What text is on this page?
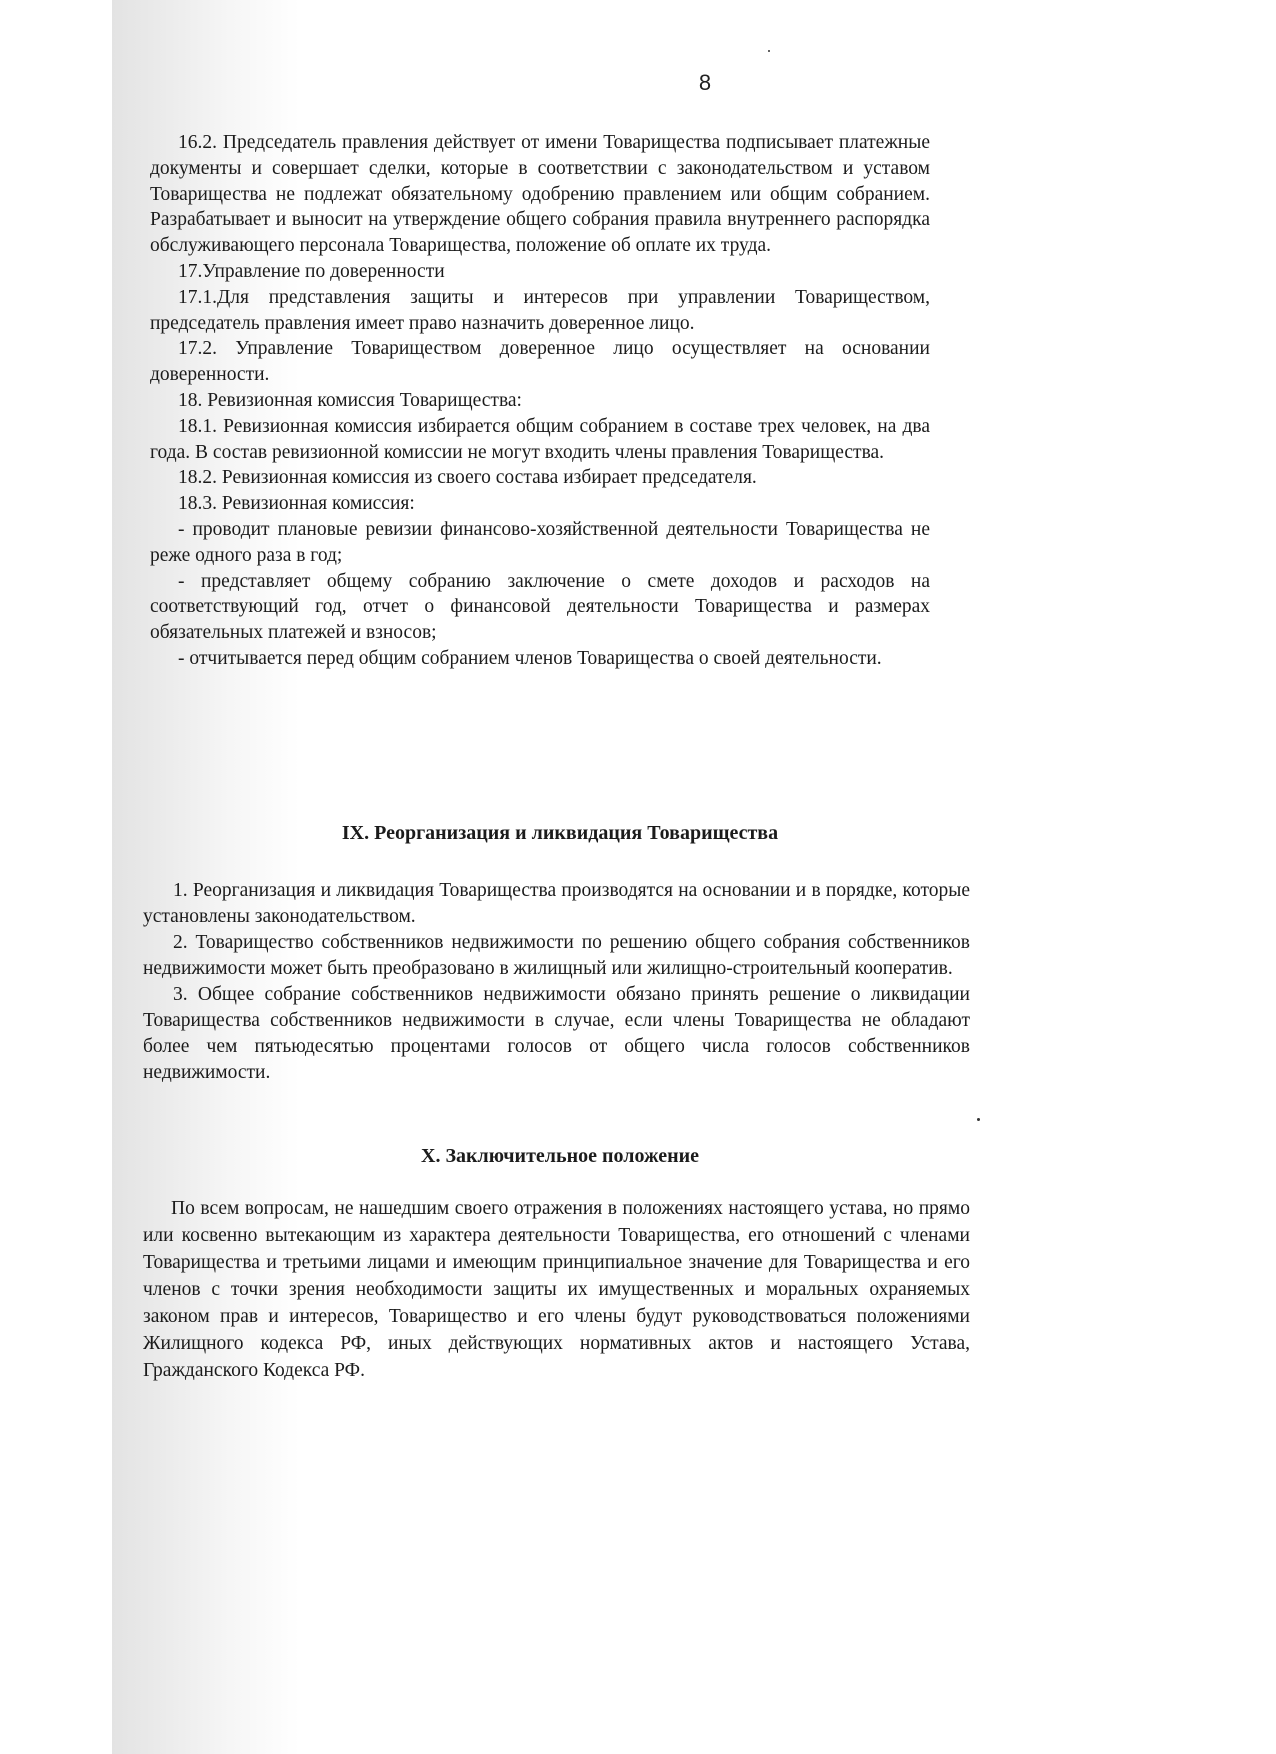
8

16.2. Председатель правления действует от имени Товарищества подписывает платежные документы и совершает сделки, которые в соответствии с законодательством и уставом Товарищества не подлежат обязательному одобрению правлением или общим собранием. Разрабатывает и выносит на утверждение общего собрания правила внутреннего распорядка обслуживающего персонала Товарищества, положение об оплате их труда.

17.Управление по доверенности

17.1.Для представления защиты и интересов при управлении Товариществом, председатель правления имеет право назначить доверенное лицо.

17.2. Управление Товариществом доверенное лицо осуществляет на основании доверенности.

18. Ревизионная комиссия Товарищества:

18.1. Ревизионная комиссия избирается общим собранием в составе трех человек, на два года. В состав ревизионной комиссии не могут входить члены правления Товарищества.

18.2. Ревизионная комиссия из своего состава избирает председателя.

18.3. Ревизионная комиссия:

- проводит плановые ревизии финансово-хозяйственной деятельности Товарищества не реже одного раза в год;

- представляет общему собранию заключение о смете доходов и расходов на соответствующий год, отчет о финансовой деятельности Товарищества и размерах обязательных платежей и взносов;

- отчитывается перед общим собранием членов Товарищества о своей деятельности.

IX. Реорганизация и ликвидация Товарищества

1. Реорганизация и ликвидация Товарищества производятся на основании и в порядке, которые установлены законодательством.

2. Товарищество собственников недвижимости по решению общего собрания собственников недвижимости может быть преобразовано в жилищный или жилищно-строительный кооператив.

3. Общее собрание собственников недвижимости обязано принять решение о ликвидации Товарищества собственников недвижимости в случае, если члены Товарищества не обладают более чем пятьюдесятью процентами голосов от общего числа голосов собственников недвижимости.

X. Заключительное положение

По всем вопросам, не нашедшим своего отражения в положениях настоящего устава, но прямо или косвенно вытекающим из характера деятельности Товарищества, его отношений с членами Товарищества и третьими лицами и имеющим принципиальное значение для Товарищества и его членов с точки зрения необходимости защиты их имущественных и моральных охраняемых законом прав и интересов, Товарищество и его члены будут руководствоваться положениями Жилищного кодекса РФ, иных действующих нормативных актов и настоящего Устава, Гражданского Кодекса РФ.
